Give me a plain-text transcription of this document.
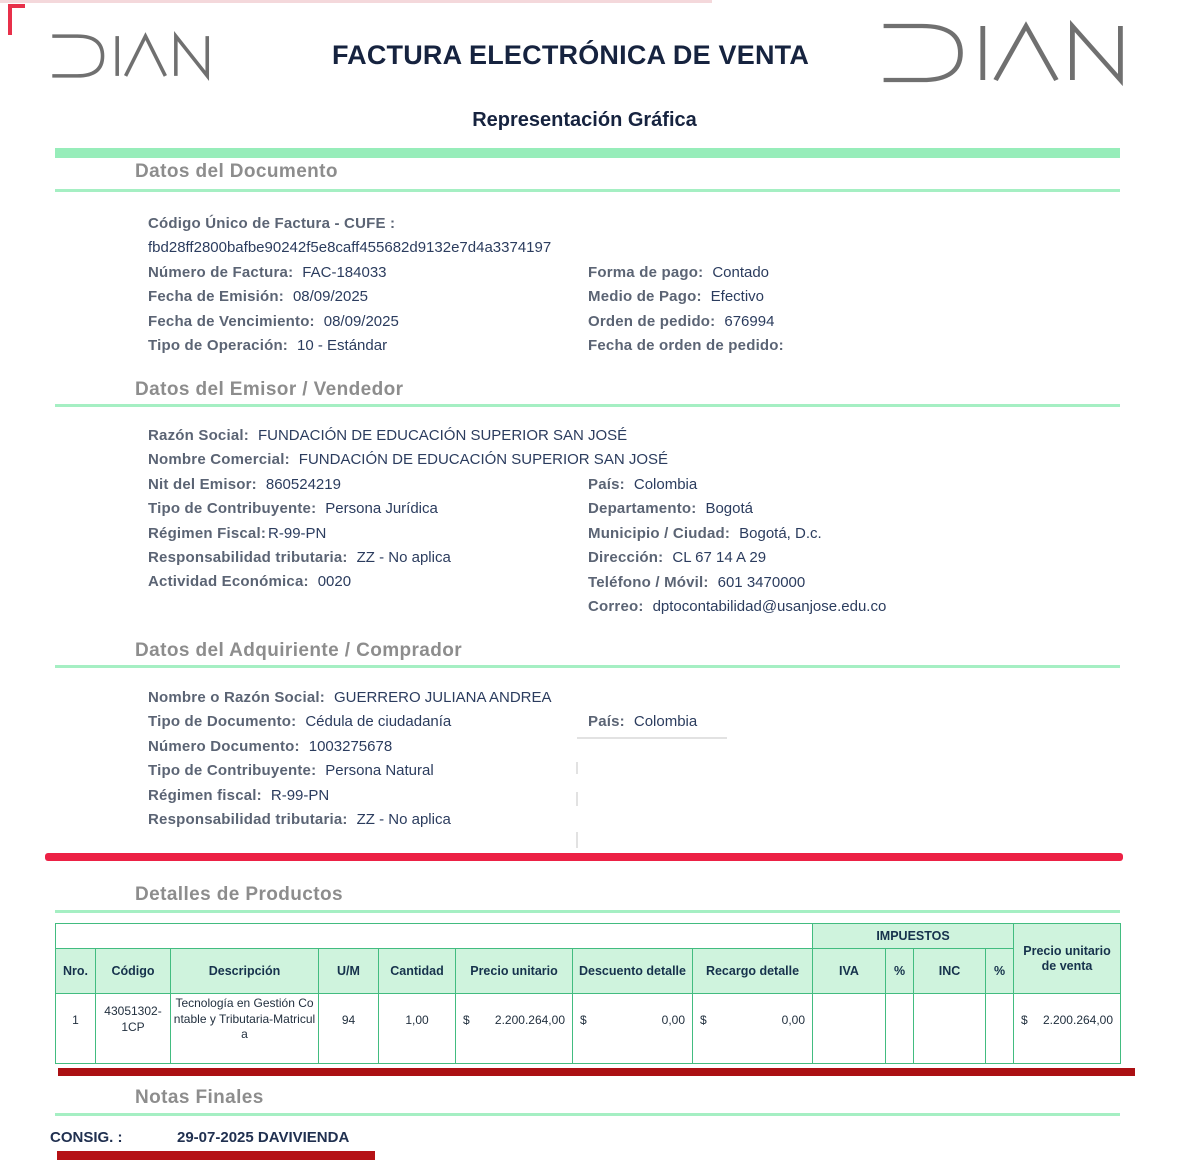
FACTURA ELECTRÓNICA DE VENTA
Representación Gráfica
Datos del Documento
Código Único de Factura - CUFE :
fbd28ff2800bafbe90242f5e8caff455682d9132e7d4a3374197
Número de Factura: FAC-184033
Fecha de Emisión: 08/09/2025
Fecha de Vencimiento: 08/09/2025
Tipo de Operación: 10 - Estándar
Forma de pago: Contado
Medio de Pago: Efectivo
Orden de pedido: 676994
Fecha de orden de pedido:
Datos del Emisor / Vendedor
Razón Social: FUNDACIÓN DE EDUCACIÓN SUPERIOR SAN JOSÉ
Nombre Comercial: FUNDACIÓN DE EDUCACIÓN SUPERIOR SAN JOSÉ
Nit del Emisor: 860524219
Tipo de Contribuyente: Persona Jurídica
Régimen Fiscal: R-99-PN
Responsabilidad tributaria: ZZ - No aplica
Actividad Económica: 0020
País: Colombia
Departamento: Bogotá
Municipio / Ciudad: Bogotá, D.c.
Dirección: CL 67 14 A 29
Teléfono / Móvil: 601 3470000
Correo: dptocontabilidad@usanjose.edu.co
Datos del Adquiriente / Comprador
Nombre o Razón Social: GUERRERO JULIANA ANDREA
Tipo de Documento: Cédula de ciudadanía
Número Documento: 1003275678
Tipo de Contribuyente: Persona Natural
Régimen fiscal: R-99-PN
Responsabilidad tributaria: ZZ - No aplica
País: Colombia
Detalles de Productos
								IMPUESTOS				Precio unitario de venta
Nro.	Código	Descripción	U/M	Cantidad	Precio unitario	Descuento detalle	Recargo detalle	IVA	%	INC	%	
1	43051302-1CP	Tecnología en Gestión Contable y Tributaria-Matricula	94	1,00	$ 2.200.264,00	$ 0,00	$ 0,00					$ 2.200.264,00
Notas Finales
CONSIG. :	29-07-2025 DAVIVIENDA
